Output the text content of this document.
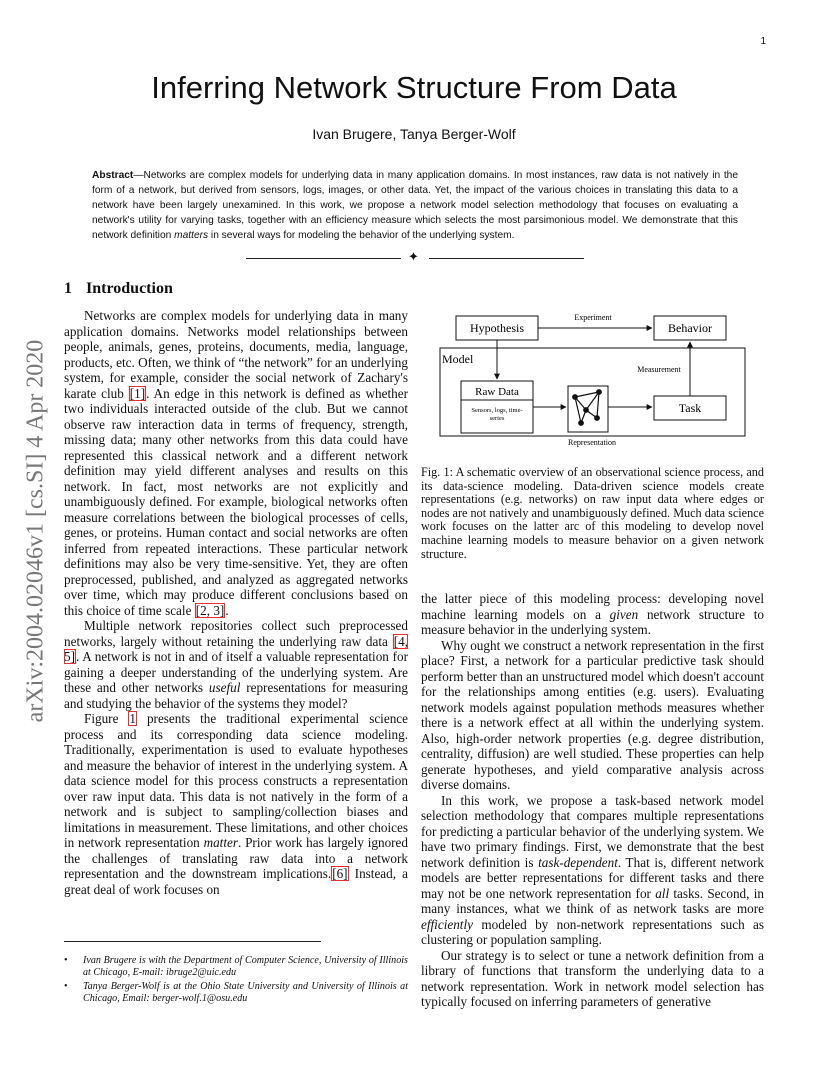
1
Inferring Network Structure From Data
Ivan Brugere, Tanya Berger-Wolf

Abstract—Networks are complex models for underlying data in many application domains. In most instances, raw data is not natively in the form of a network, but derived from sensors, logs, images, or other data. Yet, the impact of the various choices in translating this data to a network have been largely unexamined. In this work, we propose a network model selection methodology that focuses on evaluating a network's utility for varying tasks, together with an efficiency measure which selects the most parsimonious model. We demonstrate that this network definition matters in several ways for modeling the behavior of the underlying system.

✦
arXiv:2004.02046v1 [cs.SI] 4 Apr 2020
1 Introduction

Networks are complex models for underlying data in many application domains. Networks model relationships between people, animals, genes, proteins, documents, media, language, products, etc. Often, we think of “the network” for an underlying system, for example, consider the social network of Zachary's karate club [1]. An edge in this network is defined as whether two individuals interacted outside of the club. But we cannot observe raw interaction data in terms of frequency, strength, missing data; many other networks from this data could have represented this classical network and a different network definition may yield different analyses and results on this network. In fact, most networks are not explicitly and unambiguously defined. For example, biological networks often measure correlations between the biological processes of cells, genes, or proteins. Human contact and social networks are often inferred from repeated interactions. These particular network definitions may also be very time-sensitive. Yet, they are often preprocessed, published, and analyzed as aggregated networks over time, which may produce different conclusions based on this choice of time scale [2, 3].

Multiple network repositories collect such preprocessed networks, largely without retaining the underlying raw data [4, 5]. A network is not in and of itself a valuable representation for gaining a deeper understanding of the underlying system. Are these and other networks useful representations for measuring and studying the behavior of the systems they model?

Figure 1 presents the traditional experimental science process and its corresponding data science modeling. Traditionally, experimentation is used to evaluate hypotheses and measure the behavior of interest in the underlying system. A data science model for this process constructs a representation over raw input data. This data is not natively in the form of a network and is subject to sampling/collection biases and limitations in measurement. These limitations, and other choices in network representation matter. Prior work has largely ignored the challenges of translating raw data into a network representation and the downstream implications.[6] Instead, a great deal of work focuses on

Hypothesis	Behavior
Experiment
Model
Raw Data
Sensors, logs, time-
series
Representation
Task
Measurement

Fig. 1: A schematic overview of an observational science process, and its data-science modeling. Data-driven science models create representations (e.g. networks) on raw input data where edges or nodes are not natively and unambiguously defined. Much data science work focuses on the latter arc of this modeling to develop novel machine learning models to measure behavior on a given network structure.

the latter piece of this modeling process: developing novel machine learning models on a given network structure to measure behavior in the underlying system.

Why ought we construct a network representation in the first place? First, a network for a particular predictive task should perform better than an unstructured model which doesn't account for the relationships among entities (e.g. users). Evaluating network models against population methods measures whether there is a network effect at all within the underlying system. Also, high-order network properties (e.g. degree distribution, centrality, diffusion) are well studied. These properties can help generate hypotheses, and yield comparative analysis across diverse domains.

In this work, we propose a task-based network model selection methodology that compares multiple representations for predicting a particular behavior of the underlying system. We have two primary findings. First, we demonstrate that the best network definition is task-dependent. That is, different network models are better representations for different tasks and there may not be one network representation for all tasks. Second, in many instances, what we think of as network tasks are more efficiently modeled by non-network representations such as clustering or population sampling.

Our strategy is to select or tune a network definition from a library of functions that transform the underlying data to a network representation. Work in network model selection has typically focused on inferring parameters of generative

• Ivan Brugere is with the Department of Computer Science, University of Illinois at Chicago, E-mail: ibruge2@uic.edu
• Tanya Berger-Wolf is at the Ohio State University and University of Illinois at Chicago, Email: berger-wolf.1@osu.edu
